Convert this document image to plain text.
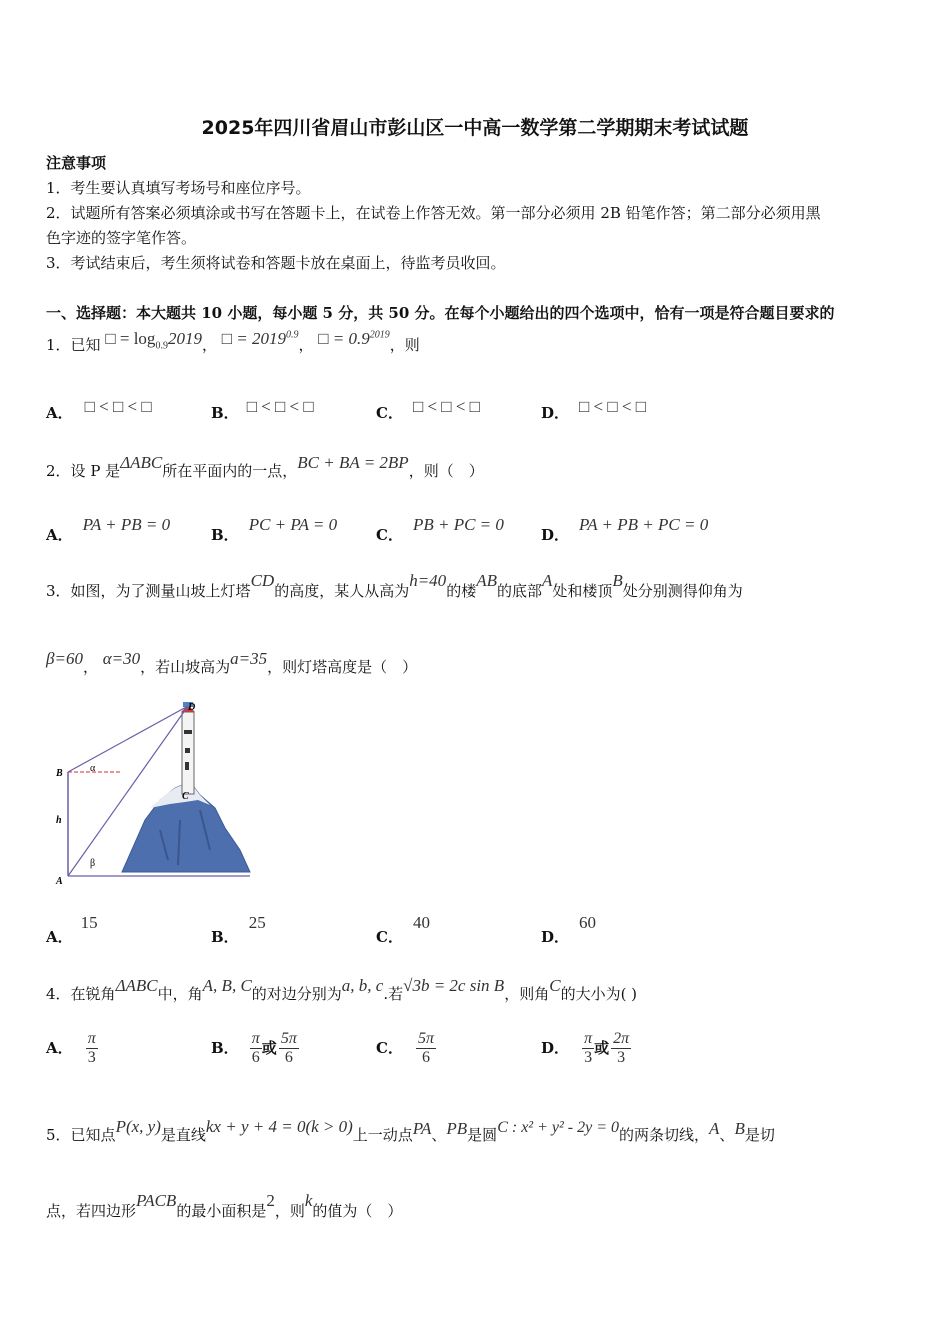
2025年四川省眉山市彭山区一中高一数学第二学期期末考试试题
注意事项
1．考生要认真填写考场号和座位序号。
2．试题所有答案必须填涂或书写在答题卡上，在试卷上作答无效。第一部分必须用 2B 铅笔作答；第二部分必须用黑
色字迹的签字笔作答。
3．考试结束后，考生须将试卷和答题卡放在桌面上，待监考员收回。
一、选择题：本大题共 10 小题，每小题 5 分，共 50 分。在每个小题给出的四个选项中，恰有一项是符合题目要求的
1．已知 □ = $\log_{0.9}2019$， □ = $2019^{0.9}$， □ = $0.9^{2019}$，则
A． □ < □ < □	B． □ < □ < □	C． □ < □ < □	D． □ < □ < □
2．设 P 是ΔABC所在平面内的一点，BC + BA = 2BP，则（　）
A．PA + PB = 0
B．PC + PA = 0
C．PB + PC = 0
D．PA + PB + PC = 0
3．如图，为了测量山坡上灯塔CD的高度，某人从高为h=40的楼AB的底部A处和楼顶B处分别测得仰角为
β=60， α=30，若山坡高为a=35，则灯塔高度是（　）
D
B	α
h
C
β
A
A．15
B．25
C．40
D．60
4．在锐角ΔABC中，角A, B, C的对边分别为a, b, c.若√3b = 2c sin B，则角C的大小为( )
A． $\frac{\pi}{3}$	B． $\frac{\pi}{6}$ 或 $\frac{5\pi}{6}$	C． $\frac{5\pi}{6}$	D． $\frac{\pi}{3}$ 或 $\frac{2\pi}{3}$
5．已知点P(x, y)是直线kx + y + 4 = 0(k > 0)上一动点PA、PB是圆C : x² + y² - 2y = 0的两条切线，A、B是切
点，若四边形PACB的最小面积是2，则k的值为（　）
